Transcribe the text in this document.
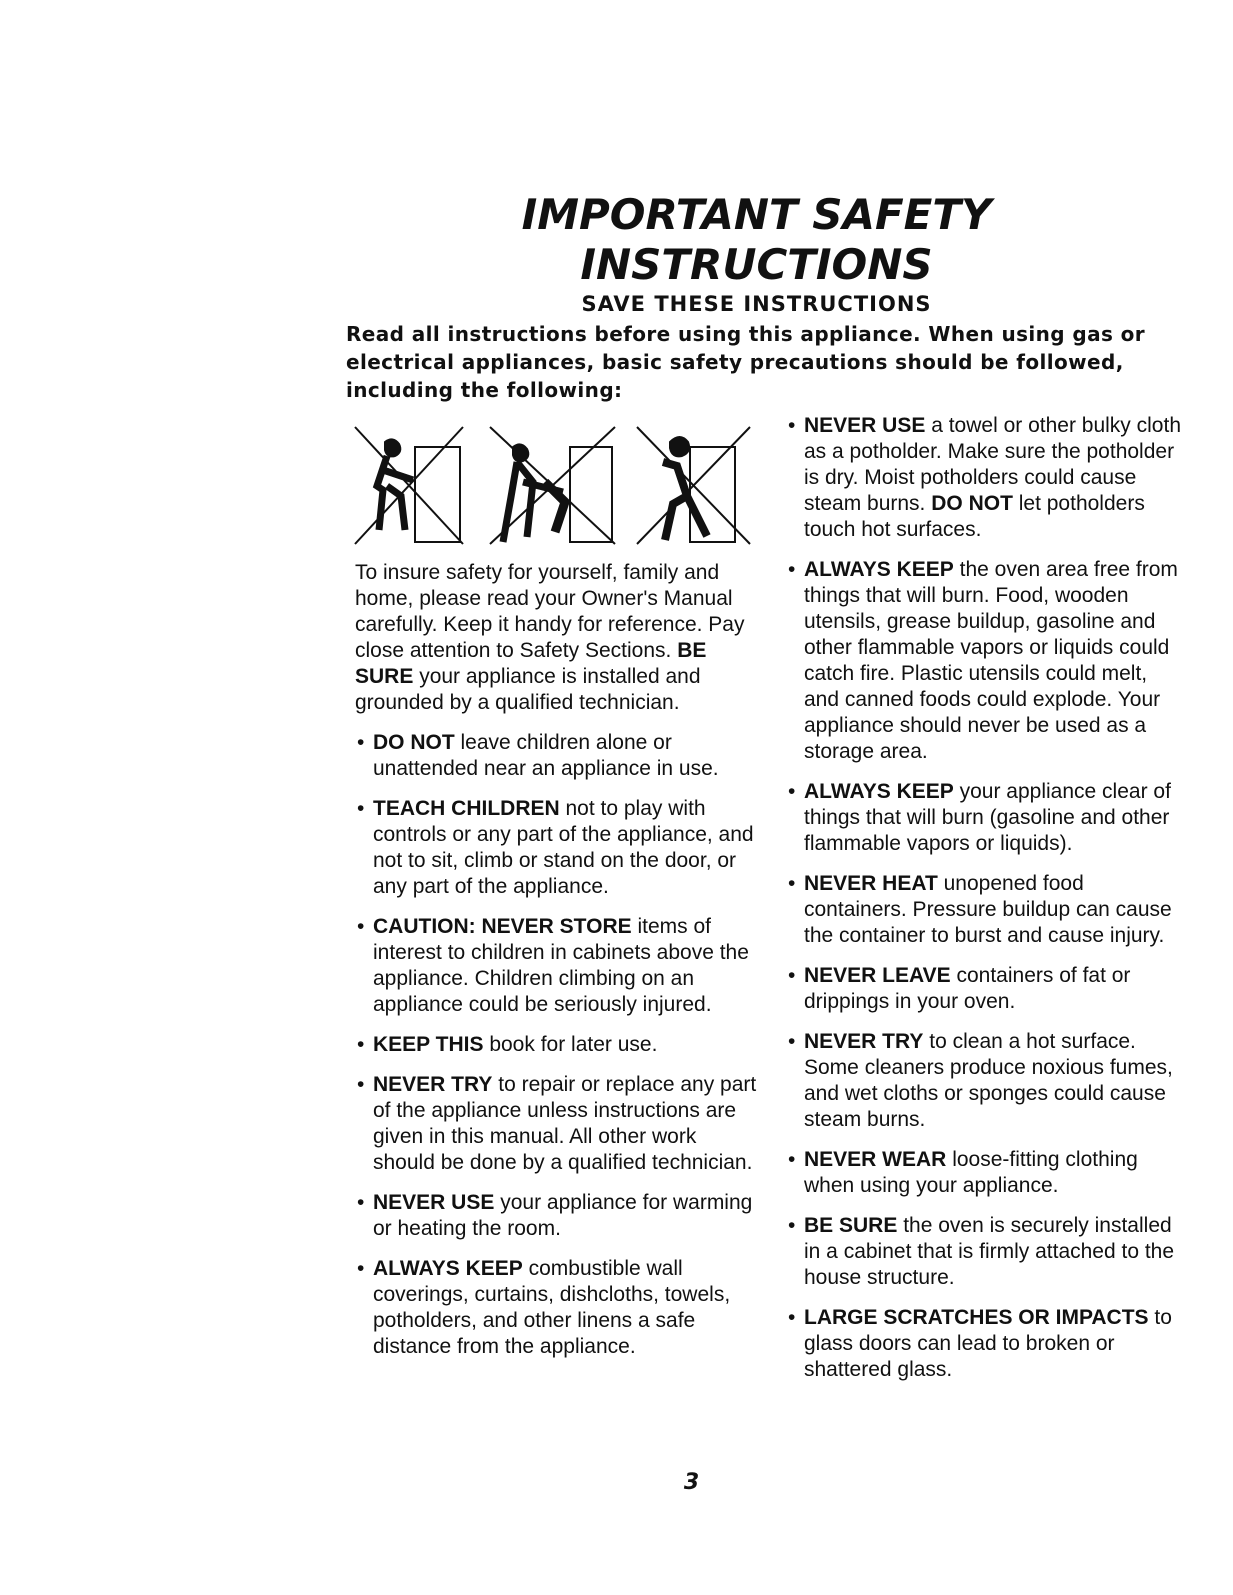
IMPORTANT SAFETY
INSTRUCTIONS
SAVE THESE INSTRUCTIONS
Read all instructions before using this appliance. When using gas or electrical appliances, basic safety precautions should be followed, including the following:

To insure safety for yourself, family and home, please read your Owner's Manual carefully. Keep it handy for reference. Pay close attention to Safety Sections. BE SURE your appliance is installed and grounded by a qualified technician.

• DO NOT leave children alone or unattended near an appliance in use.
• TEACH CHILDREN not to play with controls or any part of the appliance, and not to sit, climb or stand on the door, or any part of the appliance.
• CAUTION: NEVER STORE items of interest to children in cabinets above the appliance. Children climbing on an appliance could be seriously injured.
• KEEP THIS book for later use.
• NEVER TRY to repair or replace any part of the appliance unless instructions are given in this manual. All other work should be done by a qualified technician.
• NEVER USE your appliance for warming or heating the room.
• ALWAYS KEEP combustible wall coverings, curtains, dishcloths, towels, potholders, and other linens a safe distance from the appliance.
• NEVER USE a towel or other bulky cloth as a potholder. Make sure the potholder is dry. Moist potholders could cause steam burns. DO NOT let potholders touch hot surfaces.
• ALWAYS KEEP the oven area free from things that will burn. Food, wooden utensils, grease buildup, gasoline and other flammable vapors or liquids could catch fire. Plastic utensils could melt, and canned foods could explode. Your appliance should never be used as a storage area.
• ALWAYS KEEP your appliance clear of things that will burn (gasoline and other flammable vapors or liquids).
• NEVER HEAT unopened food containers. Pressure buildup can cause the container to burst and cause injury.
• NEVER LEAVE containers of fat or drippings in your oven.
• NEVER TRY to clean a hot surface. Some cleaners produce noxious fumes, and wet cloths or sponges could cause steam burns.
• NEVER WEAR loose-fitting clothing when using your appliance.
• BE SURE the oven is securely installed in a cabinet that is firmly attached to the house structure.
• LARGE SCRATCHES OR IMPACTS to glass doors can lead to broken or shattered glass.
3
